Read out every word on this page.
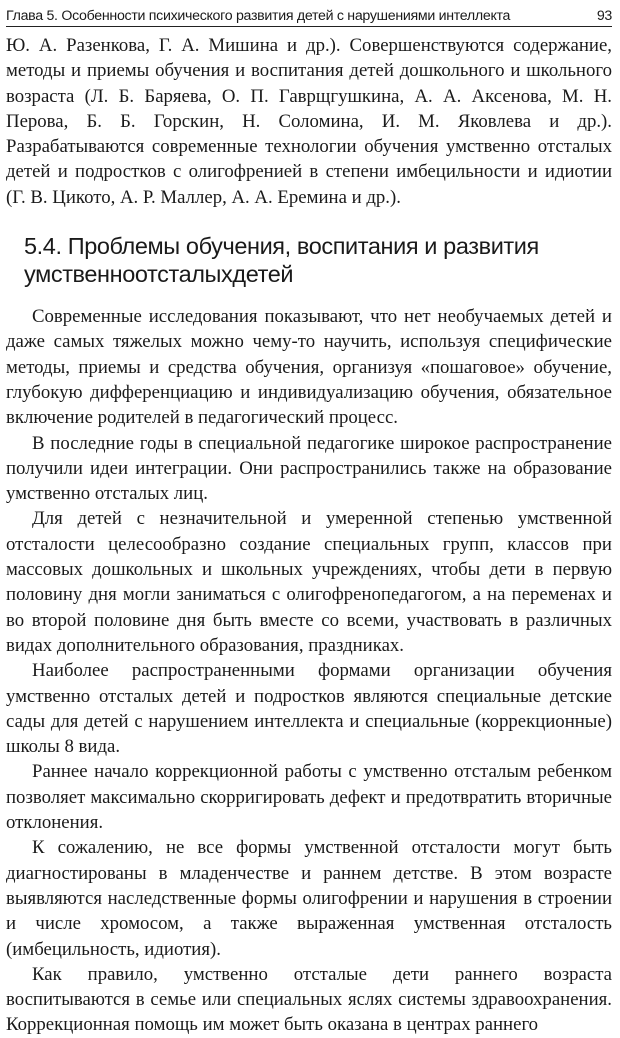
Глава 5. Особенности психического развития детей с нарушениями интеллекта	93

Ю. А. Разенкова, Г. А. Мишина и др.). Совершенствуются содержание, методы и приемы обучения и воспитания детей дошкольного и школьного возраста (Л. Б. Баряева, О. П. Гаврщгушкина, А. А. Аксенова, М. Н. Перова, Б. Б. Горскин, Н. Соломина, И. М. Яковлева и др.). Разрабатываются современные технологии обучения умственно отсталых детей и подростков с олигофренией в степени имбецильности и идиотии (Г. В. Цикото, А. Р. Маллер, А. А. Еремина и др.).

5.4. Проблемы обучения, воспитания и развития
умственноотсталыхдетей

Современные исследования показывают, что нет необучаемых детей и даже самых тяжелых можно чему-то научить, используя специфические методы, приемы и средства обучения, организуя «пошаговое» обучение, глубокую дифференциацию и индивидуализацию обучения, обязательное включение родителей в педагогический процесс.

В последние годы в специальной педагогике широкое распространение получили идеи интеграции. Они распространились также на образование умственно отсталых лиц.

Для детей с незначительной и умеренной степенью умственной отсталости целесообразно создание специальных групп, классов при массовых дошкольных и школьных учреждениях, чтобы дети в первую половину дня могли заниматься с олигофренопедагогом, а на переменах и во второй половине дня быть вместе со всеми, участвовать в различных видах дополнительного образования, праздниках.

Наиболее распространенными формами организации обучения умственно отсталых детей и подростков являются специальные детские сады для детей с нарушением интеллекта и специальные (коррекционные) школы 8 вида.

Раннее начало коррекционной работы с умственно отсталым ребенком позволяет максимально скорригировать дефект и предотвратить вторичные отклонения.

К сожалению, не все формы умственной отсталости могут быть диагностированы в младенчестве и раннем детстве. В этом возрасте выявляются наследственные формы олигофрении и нарушения в строении и числе хромосом, а также выраженная умственная отсталость (имбецильность, идиотия).

Как правило, умственно отсталые дети раннего возраста воспитываются в семье или специальных яслях системы здравоохранения. Коррекционная помощь им может быть оказана в центрах раннего
